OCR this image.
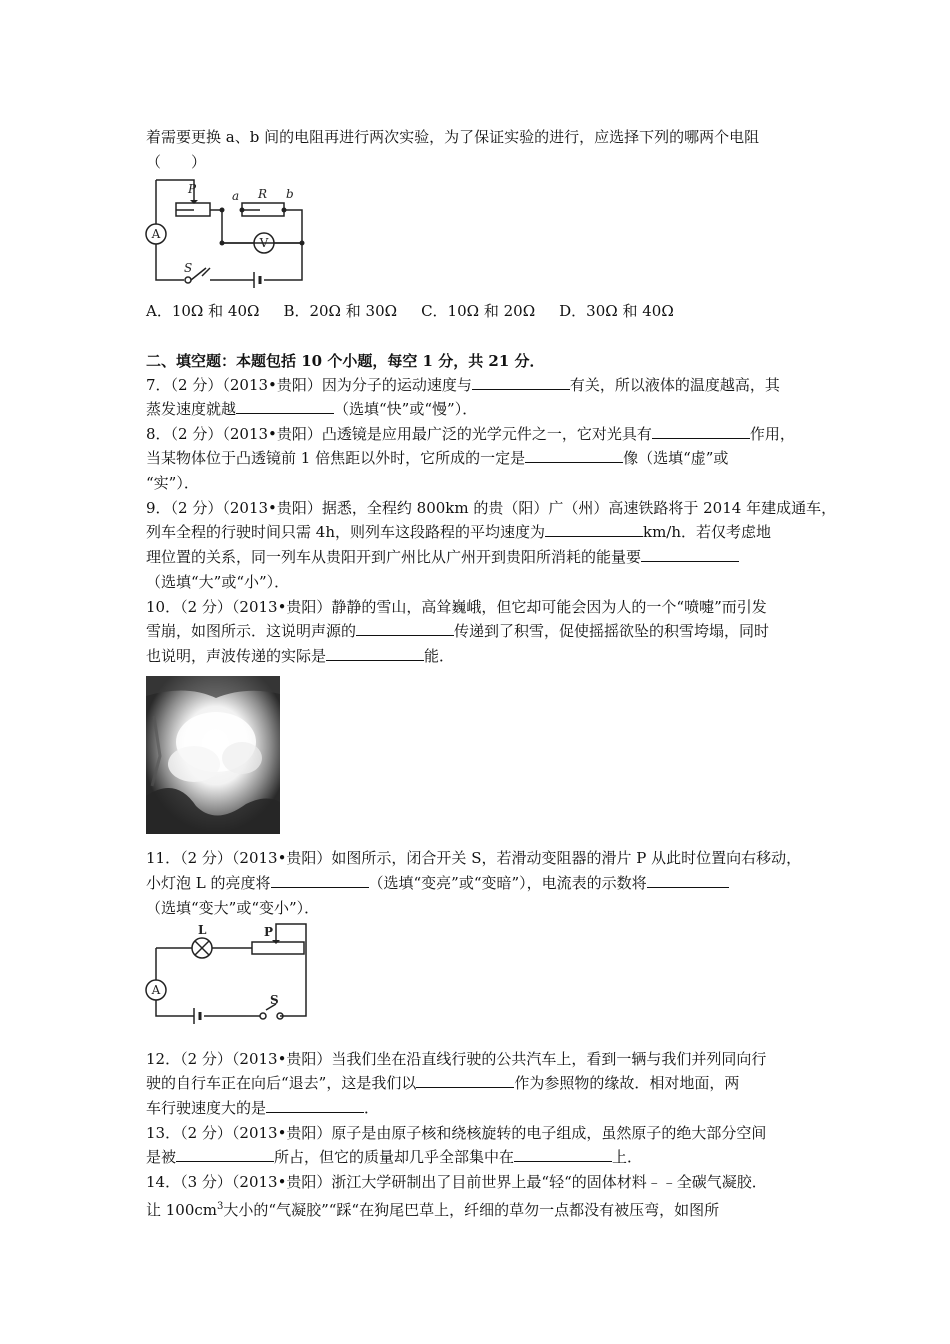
着需要更换 a、b 间的电阻再进行两次实验，为了保证实验的进行，应选择下列的哪两个电阻
（　　）
P	a R b
S
A
V
A．10Ω 和 40Ω B．20Ω 和 30Ω C．10Ω 和 20Ω D．30Ω 和 40Ω
二、填空题：本题包括 10 个小题，每空 1 分，共 21 分．
7．（2 分）（2013•贵阳）因为分子的运动速度与	有关，所以液体的温度越高，其
蒸发速度就越	（选填“快”或“慢”）．
8．（2 分）（2013•贵阳）凸透镜是应用最广泛的光学元件之一，它对光具有	作用，
当某物体位于凸透镜前 1 倍焦距以外时，它所成的一定是	像（选填“虚”或
“实”）．
9．（2 分）（2013•贵阳）据悉，全程约 800km 的贵（阳）广（州）高速铁路将于 2014 年建成通车，
列车全程的行驶时间只需 4h，则列车这段路程的平均速度为	km/h．若仅考虑地
理位置的关系，同一列车从贵阳开到广州比从广州开到贵阳所消耗的能量要
（选填“大”或“小”）．
10．（2 分）（2013•贵阳）静静的雪山，高耸巍峨，但它却可能会因为人的一个“喷嚏”而引发
雪崩，如图所示．这说明声源的	传递到了积雪，促使摇摇欲坠的积雪垮塌，同时
也说明，声波传递的实际是	能．
11．（2 分）（2013•贵阳）如图所示，闭合开关 S，若滑动变阻器的滑片 P 从此时位置向右移动，
小灯泡 L 的亮度将	（选填“变亮”或“变暗”），电流表的示数将
（选填“变大”或“变小”）．
L	P
S
A
12．（2 分）（2013•贵阳）当我们坐在沿直线行驶的公共汽车上，看到一辆与我们并列同向行
驶的自行车正在向后“退去”，这是我们以	作为参照物的缘故．相对地面，两
车行驶速度大的是	．
13．（2 分）（2013•贵阳）原子是由原子核和绕核旋转的电子组成，虽然原子的绝大部分空间
是被	所占，但它的质量却几乎全部集中在	上．
14．（3 分）（2013•贵阳）浙江大学研制出了目前世界上最“轻“的固体材料﹣﹣全碳气凝胶．
让 $100cm^3$大小的“气凝胶”“踩“在狗尾巴草上，纤细的草勿一点都没有被压弯，如图所
